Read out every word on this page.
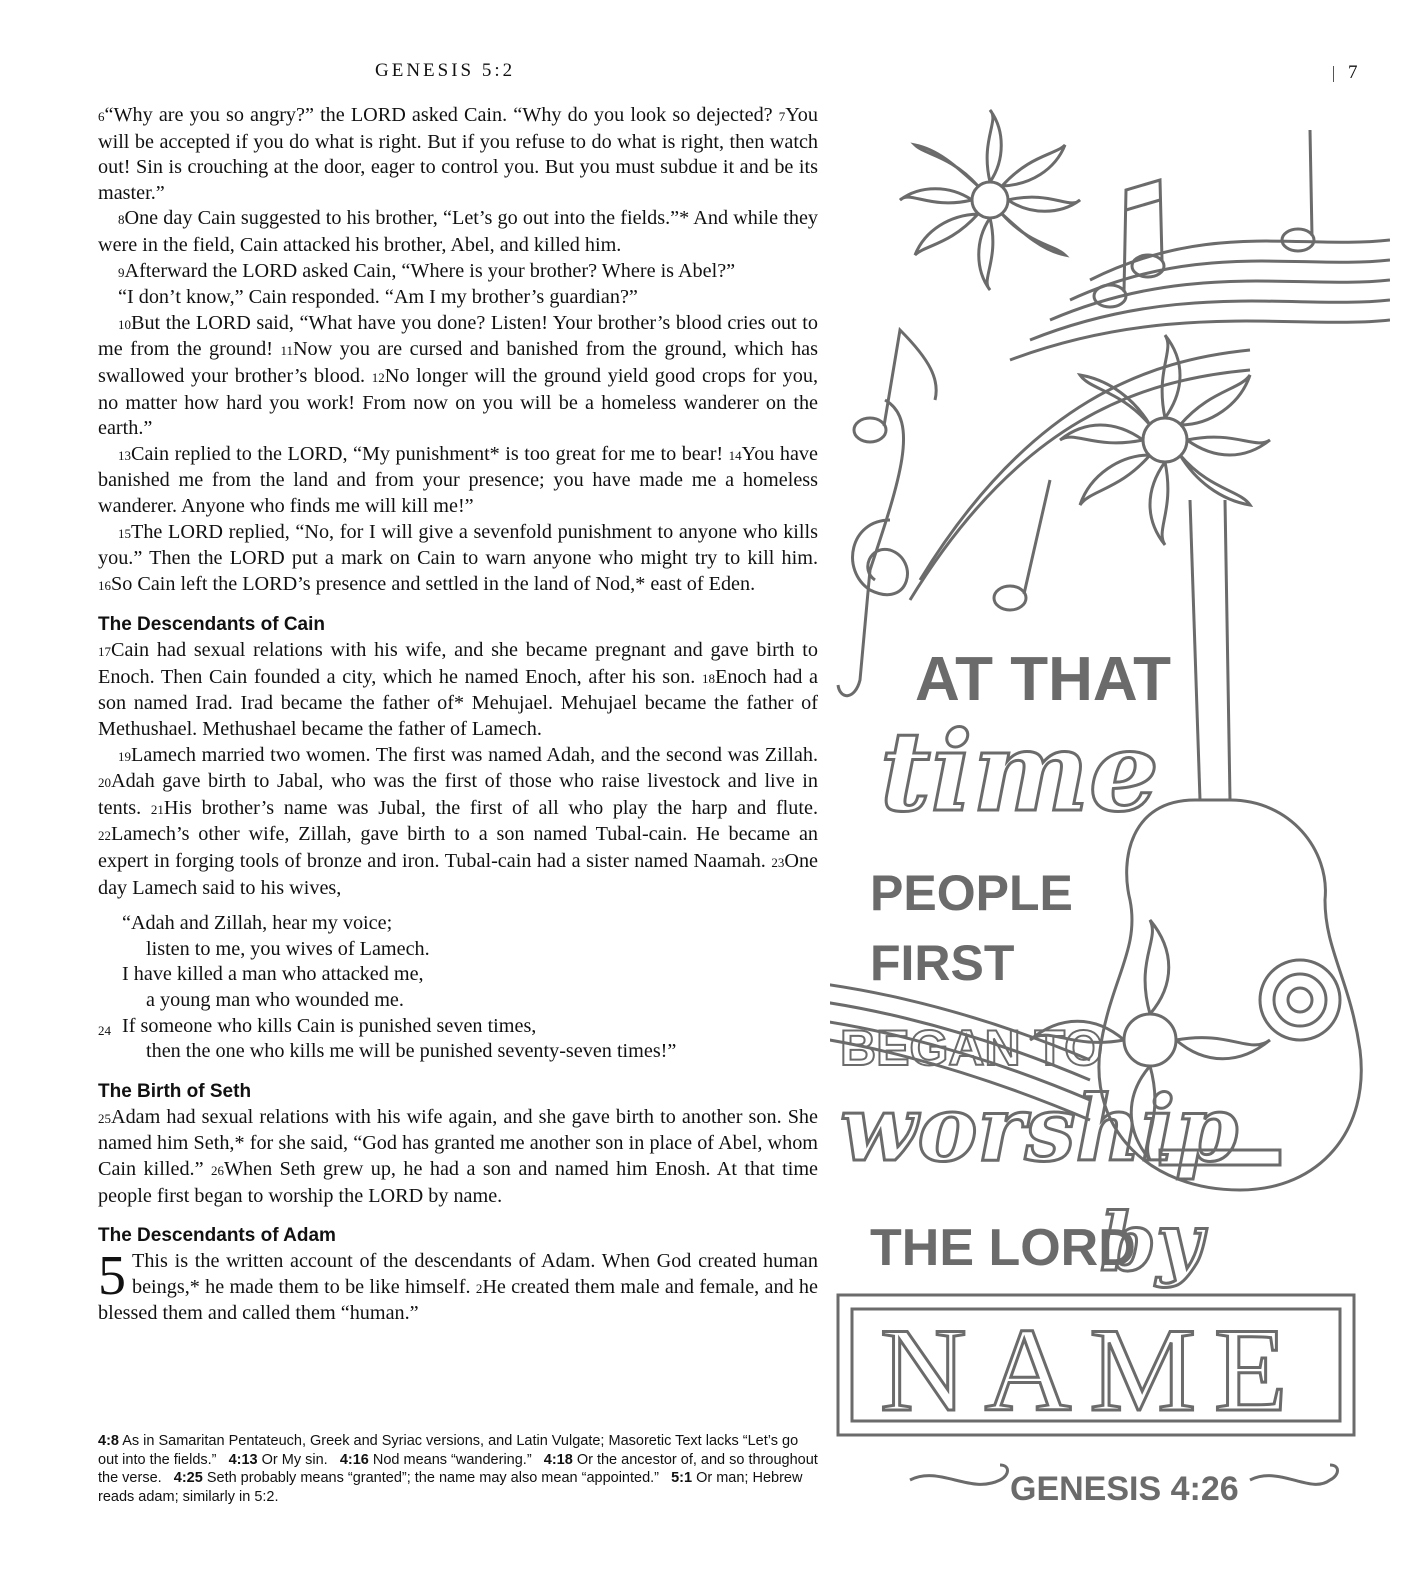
GENESIS 5:2	7

6“Why are you so angry?” the LORD asked Cain. “Why do you look so dejected? 7You will be accepted if you do what is right. But if you refuse to do what is right, then watch out! Sin is crouching at the door, eager to control you. But you must subdue it and be its master.”

8One day Cain suggested to his brother, “Let’s go out into the fields.”* And while they were in the field, Cain attacked his brother, Abel, and killed him.

9Afterward the LORD asked Cain, “Where is your brother? Where is Abel?”

“I don’t know,” Cain responded. “Am I my brother’s guardian?”

10But the LORD said, “What have you done? Listen! Your brother’s blood cries out to me from the ground! 11Now you are cursed and banished from the ground, which has swallowed your brother’s blood. 12No longer will the ground yield good crops for you, no matter how hard you work! From now on you will be a homeless wanderer on the earth.”

13Cain replied to the LORD, “My punishment* is too great for me to bear! 14You have banished me from the land and from your presence; you have made me a homeless wanderer. Anyone who finds me will kill me!”

15The LORD replied, “No, for I will give a sevenfold punishment to anyone who kills you.” Then the LORD put a mark on Cain to warn anyone who might try to kill him. 16So Cain left the LORD’s presence and settled in the land of Nod,* east of Eden.

The Descendants of Cain

17Cain had sexual relations with his wife, and she became pregnant and gave birth to Enoch. Then Cain founded a city, which he named Enoch, after his son. 18Enoch had a son named Irad. Irad became the father of* Mehujael. Mehujael became the father of Methushael. Methushael became the father of Lamech.

19Lamech married two women. The first was named Adah, and the second was Zillah. 20Adah gave birth to Jabal, who was the first of those who raise livestock and live in tents. 21His brother’s name was Jubal, the first of all who play the harp and flute. 22Lamech’s other wife, Zillah, gave birth to a son named Tubal-cain. He became an expert in forging tools of bronze and iron. Tubal-cain had a sister named Naamah. 23One day Lamech said to his wives,

“Adah and Zillah, hear my voice;
listen to me, you wives of Lamech.
I have killed a man who attacked me,
a young man who wounded me.
24 If someone who kills Cain is punished seven times,
then the one who kills me will be punished seventy-seven times!”
The Birth of Seth

25Adam had sexual relations with his wife again, and she gave birth to another son. She named him Seth,* for she said, “God has granted me another son in place of Abel, whom Cain killed.” 26When Seth grew up, he had a son and named him Enosh. At that time people first began to worship the LORD by name.

The Descendants of Adam

5 This is the written account of the descendants of Adam. When God created human beings,* he made them to be like himself. 2He created them male and female, and he blessed them and called them “human.”

4:8 As in Samaritan Pentateuch, Greek and Syriac versions, and Latin Vulgate; Masoretic Text lacks “Let’s go out into the fields.” 4:13 Or My sin. 4:16 Nod means “wandering.” 4:18 Or the ancestor of, and so throughout the verse. 4:25 Seth probably means “granted”; the name may also mean “appointed.” 5:1 Or man; Hebrew reads adam; similarly in 5:2.
AT THAT
time
PEOPLE
FIRST
BEGAN TO
worship
THE LORD
by
NAME
GENESIS 4:26
